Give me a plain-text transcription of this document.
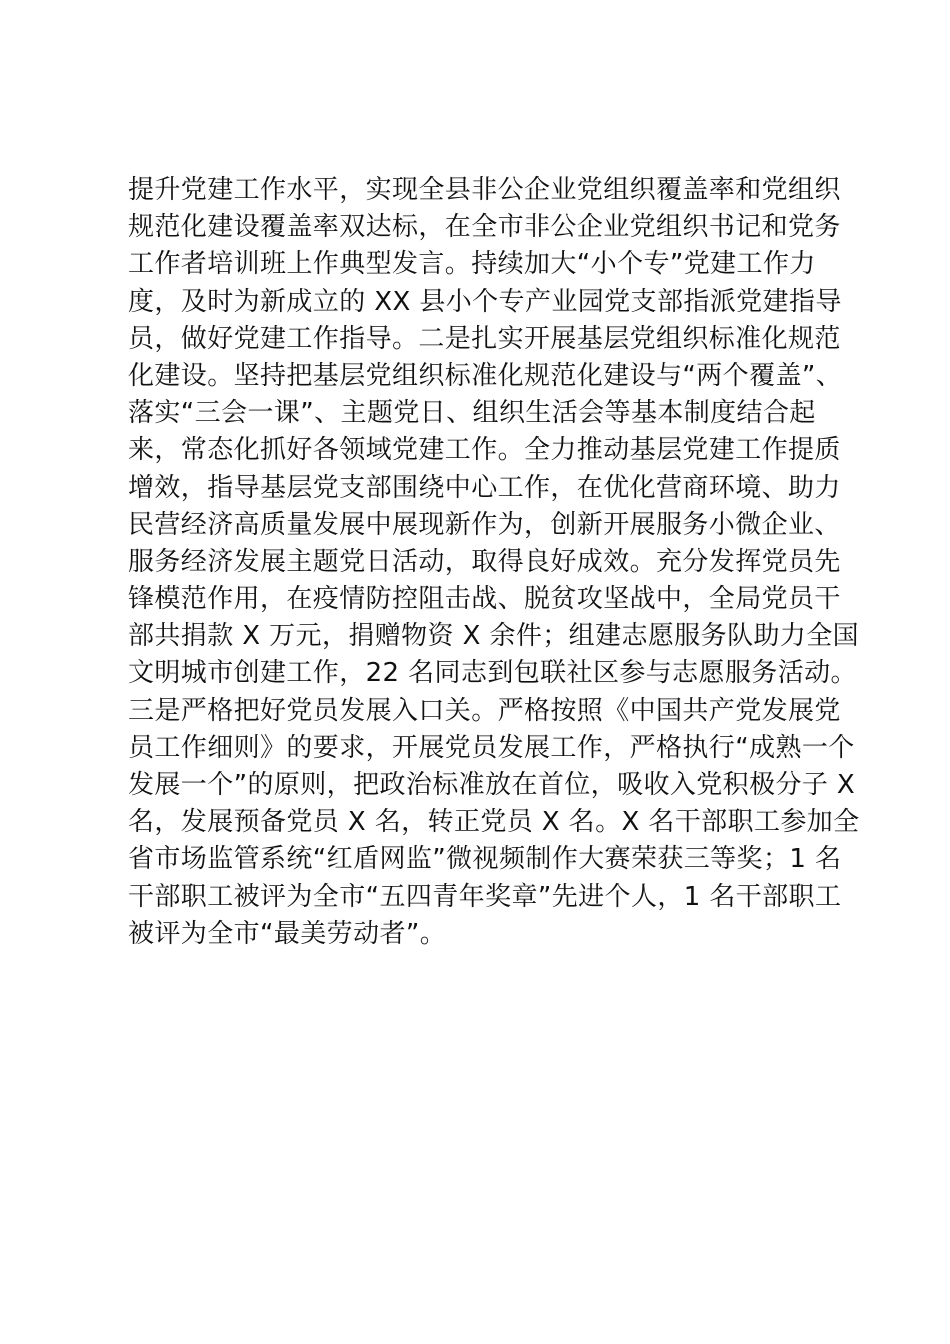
提升党建工作水平，实现全县非公企业党组织覆盖率和党组织
规范化建设覆盖率双达标，在全市非公企业党组织书记和党务
工作者培训班上作典型发言。持续加大“小个专”党建工作力
度，及时为新成立的 XX 县小个专产业园党支部指派党建指导
员，做好党建工作指导。二是扎实开展基层党组织标准化规范
化建设。坚持把基层党组织标准化规范化建设与“两个覆盖”、
落实“三会一课”、主题党日、组织生活会等基本制度结合起
来，常态化抓好各领域党建工作。全力推动基层党建工作提质
增效，指导基层党支部围绕中心工作，在优化营商环境、助力
民营经济高质量发展中展现新作为，创新开展服务小微企业、
服务经济发展主题党日活动，取得良好成效。充分发挥党员先
锋模范作用，在疫情防控阻击战、脱贫攻坚战中，全局党员干
部共捐款 X 万元，捐赠物资 X 余件；组建志愿服务队助力全国
文明城市创建工作，22 名同志到包联社区参与志愿服务活动。
三是严格把好党员发展入口关。严格按照《中国共产党发展党
员工作细则》的要求，开展党员发展工作，严格执行“成熟一个
发展一个”的原则，把政治标准放在首位，吸收入党积极分子 X
名，发展预备党员 X 名，转正党员 X 名。X 名干部职工参加全
省市场监管系统“红盾网监”微视频制作大赛荣获三等奖；1 名
干部职工被评为全市“五四青年奖章”先进个人，1 名干部职工
被评为全市“最美劳动者”。
